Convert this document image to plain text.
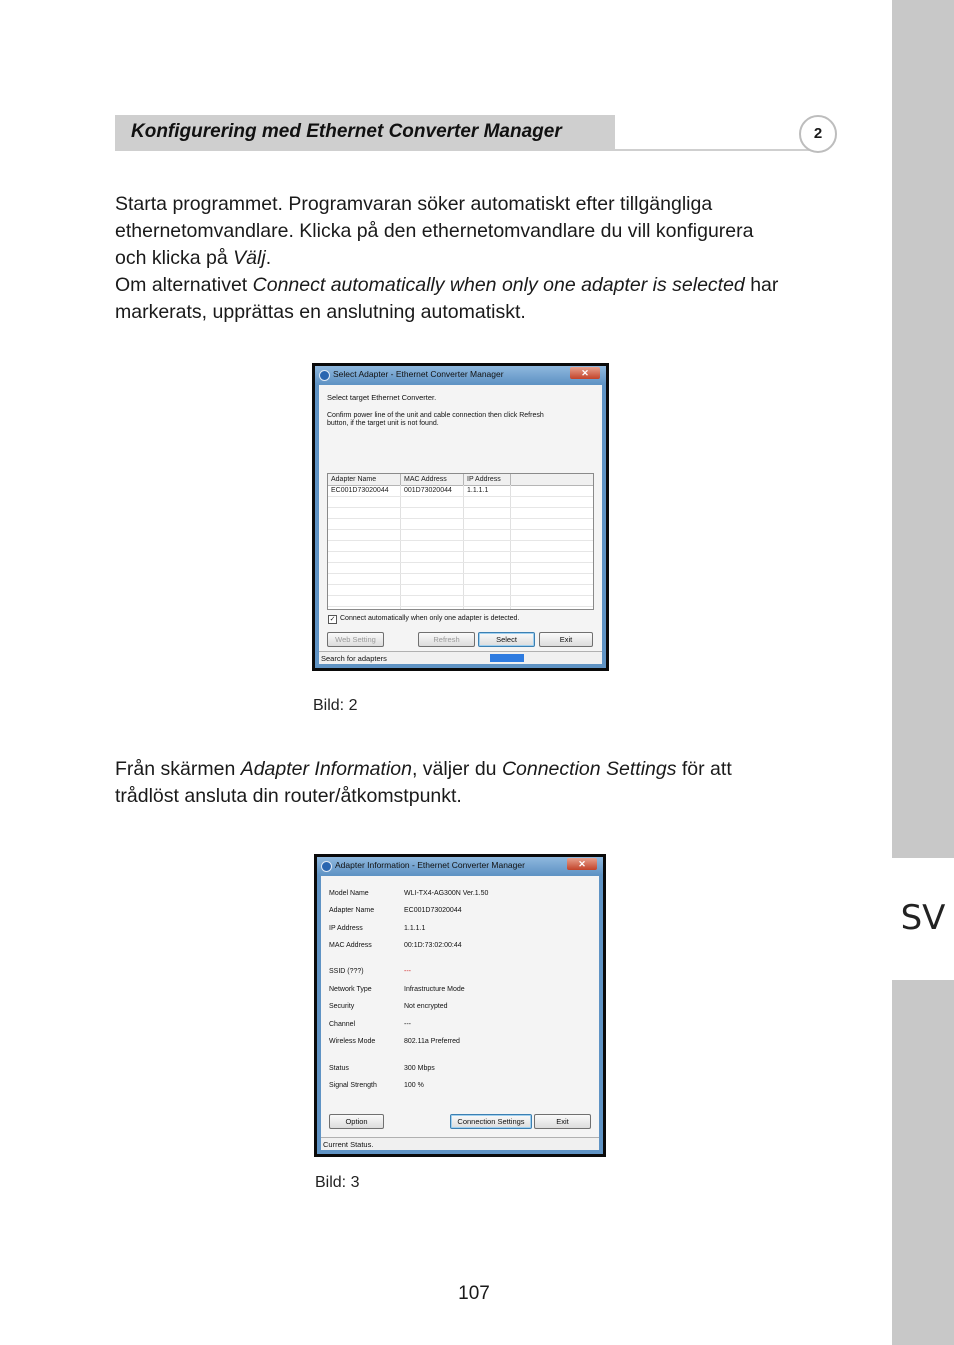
SV
Konfigurering med Ethernet Converter Manager	2
Starta programmet. Programvaran söker automatiskt efter tillgängliga
ethernetomvandlare. Klicka på den ethernetomvandlare du vill konfigurera
och klicka på Välj.
Om alternativet Connect automatically when only one adapter is selected har
markerats, upprättas en anslutning automatiskt.
Select Adapter - Ethernet Converter Manager	✕
Select target Ethernet Converter.
Confirm power line of the unit and cable connection then click Refresh
button, if the target unit is not found.
Adapter Name	MAC Address	IP Address
EC001D73020044	001D73020044	1.1.1.1
✓ Connect automatically when only one adapter is detected.
Web Setting	Refresh	Select	Exit
Search for adapters
Bild: 2
Från skärmen Adapter Information, väljer du Connection Settings för att
trådlöst ansluta din router/åtkomstpunkt.
Adapter Information - Ethernet Converter Manager	✕
Model Name	WLI-TX4-AG300N Ver.1.50
Adapter Name	EC001D73020044
IP Address	1.1.1.1
MAC Address	00:1D:73:02:00:44
SSID (???)	---
Network Type	Infrastructure Mode
Security	Not encrypted
Channel	---
Wireless Mode	802.11a Preferred
Status	300 Mbps
Signal Strength	100 %
Option	Connection Settings	Exit
Current Status.
Bild: 3
107
